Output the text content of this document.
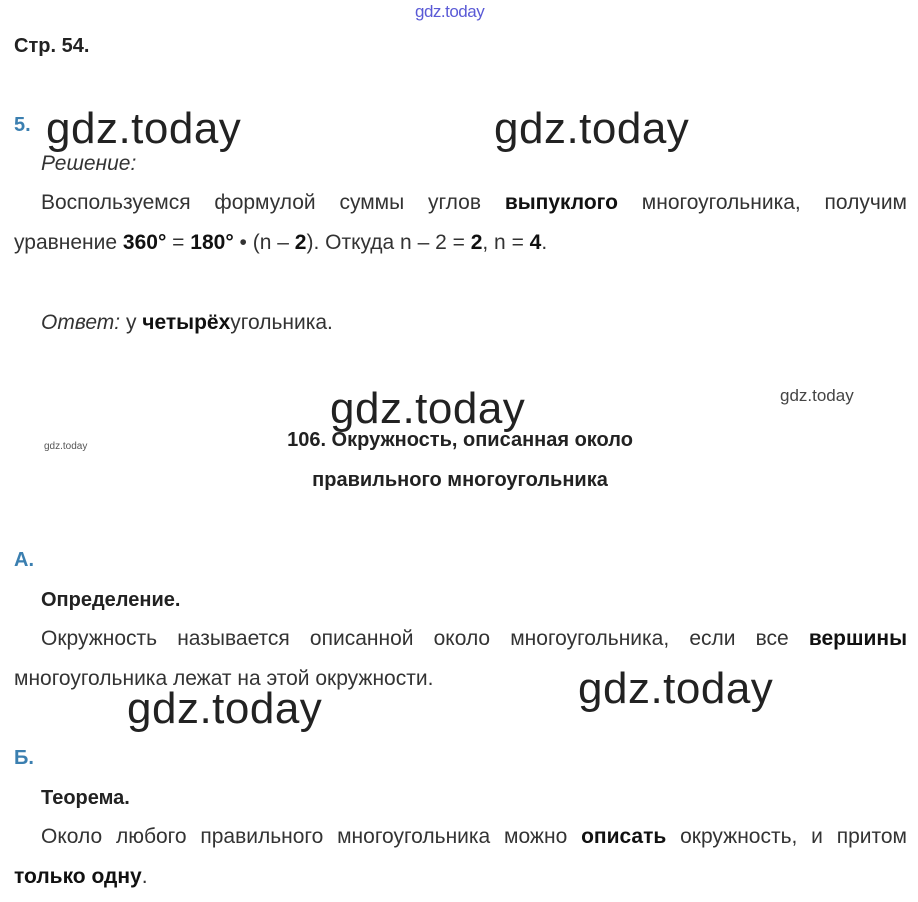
gdz.today
Стр. 54.
5. gdz.today	gdz.today
Решение:
Воспользуемся формулой суммы углов выпуклого многоугольника, получим уравнение 360° = 180° • (n – 2). Откуда n – 2 = 2, n = 4.
Ответ: у четырёхугольника.
gdz.today	gdz.today
gdz.today	106. Окружность, описанная около
правильного многоугольника
А.
Определение.
Окружность называется описанной около многоугольника, если все вершины многоугольника лежат на этой окружности.	gdz.today
gdz.today
Б.
Теорема.
Около любого правильного многоугольника можно описать окружность, и притом только одну.
